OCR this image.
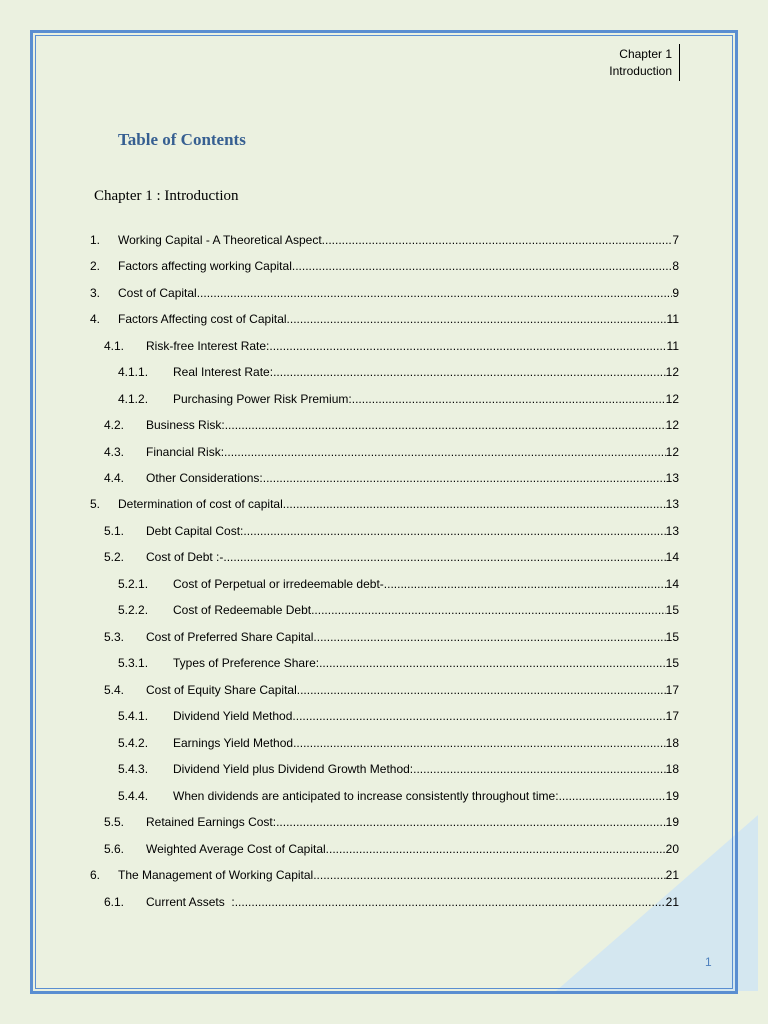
Chapter 1
Introduction
Table of Contents
Chapter 1 : Introduction
1. Working Capital - A Theoretical Aspect .....	7
2. Factors affecting working Capital .....	8
3. Cost of Capital .....	9
4. Factors Affecting cost of Capital .....	11
4.1. Risk-free Interest Rate: .....	11
4.1.1. Real Interest Rate: .....	12
4.1.2. Purchasing Power Risk Premium: .....	12
4.2. Business Risk: .....	12
4.3. Financial Risk: .....	12
4.4. Other Considerations: .....	13
5. Determination of cost of capital .....	13
5.1. Debt Capital Cost: .....	13
5.2. Cost of Debt :- .....	14
5.2.1. Cost of Perpetual or irredeemable debt- .....	14
5.2.2. Cost of Redeemable Debt .....	15
5.3. Cost of Preferred Share Capital .....	15
5.3.1. Types of Preference Share: .....	15
5.4. Cost of Equity Share Capital .....	17
5.4.1. Dividend Yield Method .....	17
5.4.2. Earnings Yield Method .....	18
5.4.3. Dividend Yield plus Dividend Growth Method: .....	18
5.4.4. When dividends are anticipated to increase consistently throughout time: .....	19
5.5. Retained Earnings Cost: .....	19
5.6. Weighted Average Cost of Capital .....	20
6. The Management of Working Capital .....	21
6.1. Current Assets  : .....	21
1
